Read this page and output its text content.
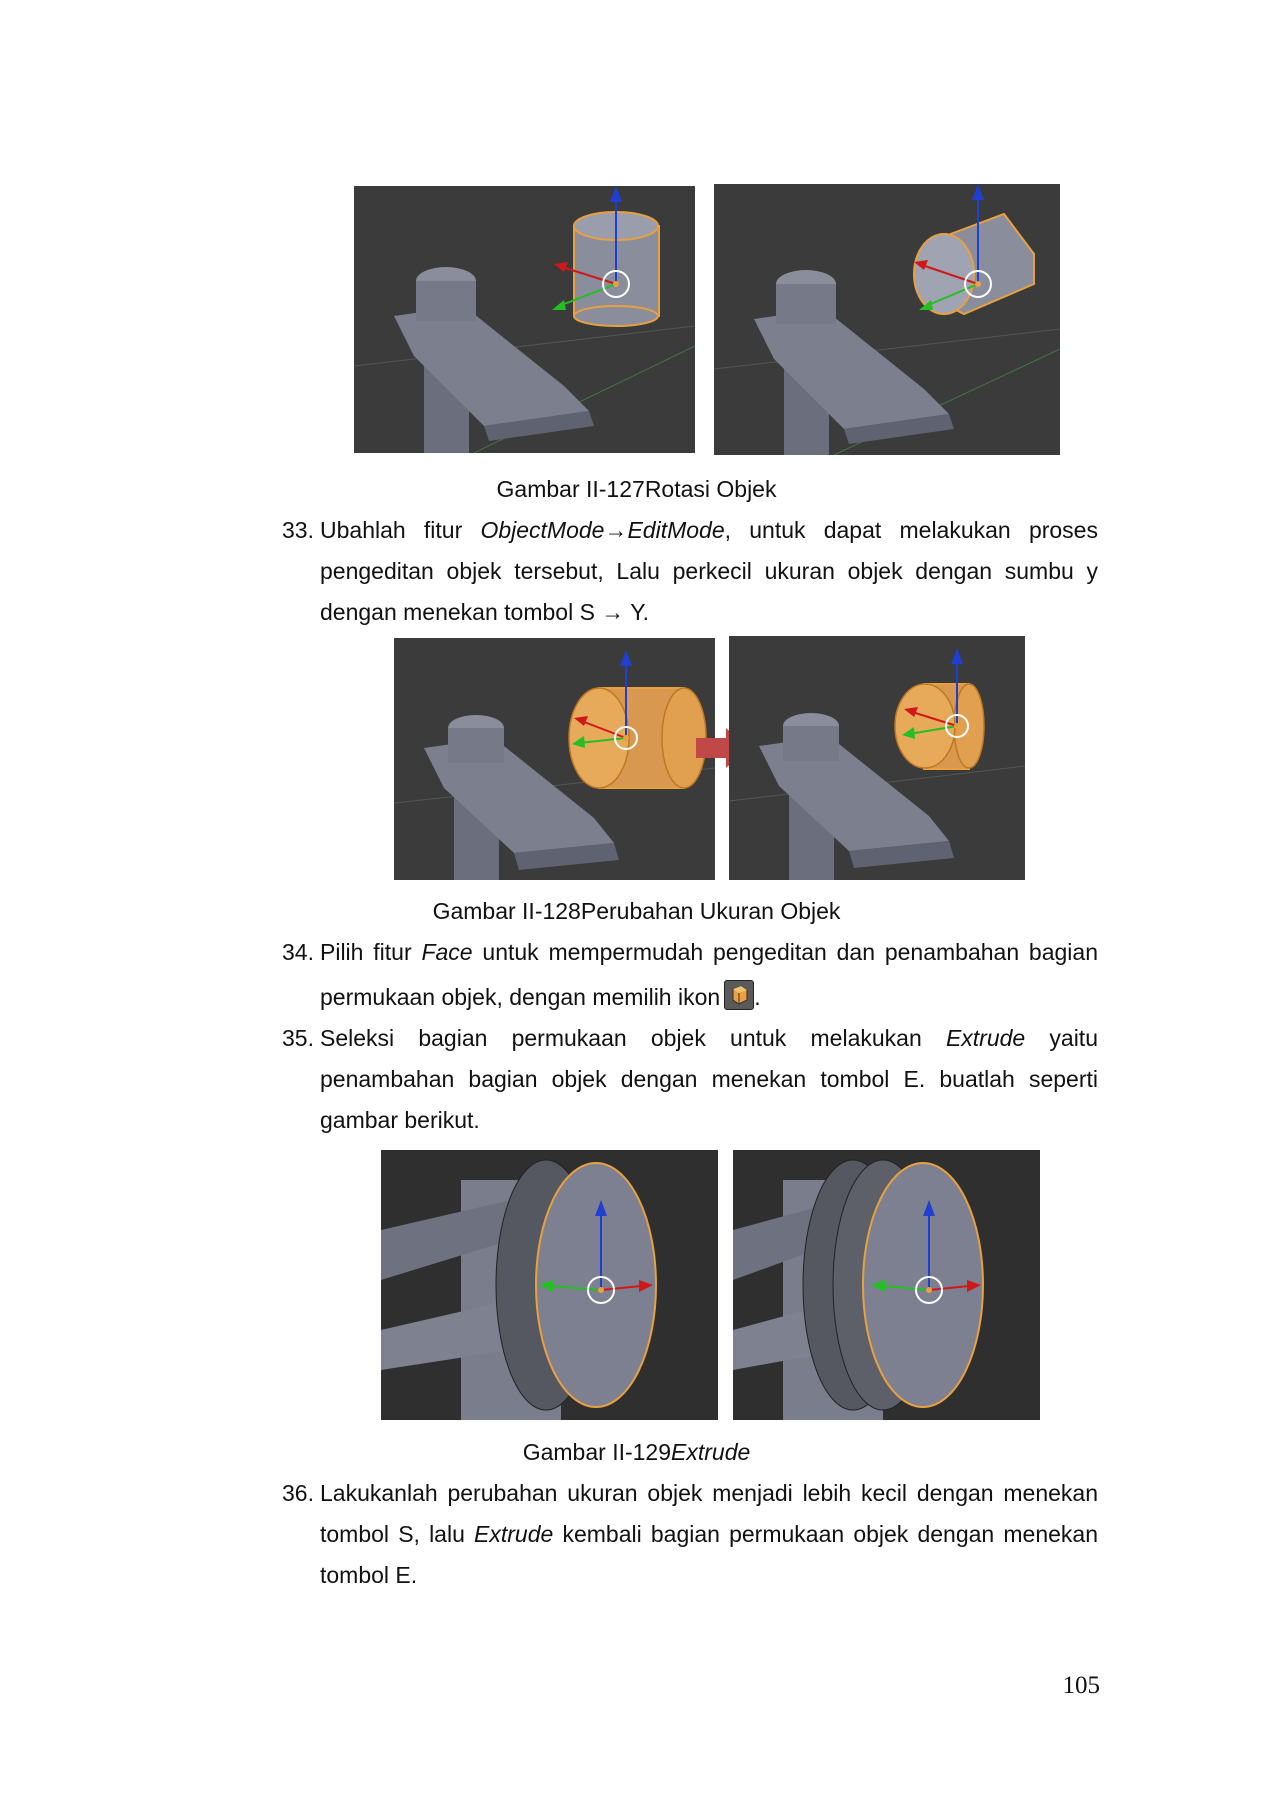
Gambar II-127Rotasi Objek
33. Ubahlah fitur ObjectMode→EditMode, untuk dapat melakukan proses

pengeditan objek tersebut, Lalu perkecil ukuran objek dengan sumbu y

dengan menekan tombol S → Y.

Gambar II-128Perubahan Ukuran Objek
34. Pilih fitur Face untuk mempermudah pengeditan dan penambahan bagian

permukaan objek, dengan memilih ikon .

35. Seleksi bagian permukaan objek untuk melakukan Extrude yaitu

penambahan bagian objek dengan menekan tombol E. buatlah seperti

gambar berikut.

Gambar II-129Extrude
36. Lakukanlah perubahan ukuran objek menjadi lebih kecil dengan menekan

tombol S, lalu Extrude kembali bagian permukaan objek dengan menekan

tombol E.

105
